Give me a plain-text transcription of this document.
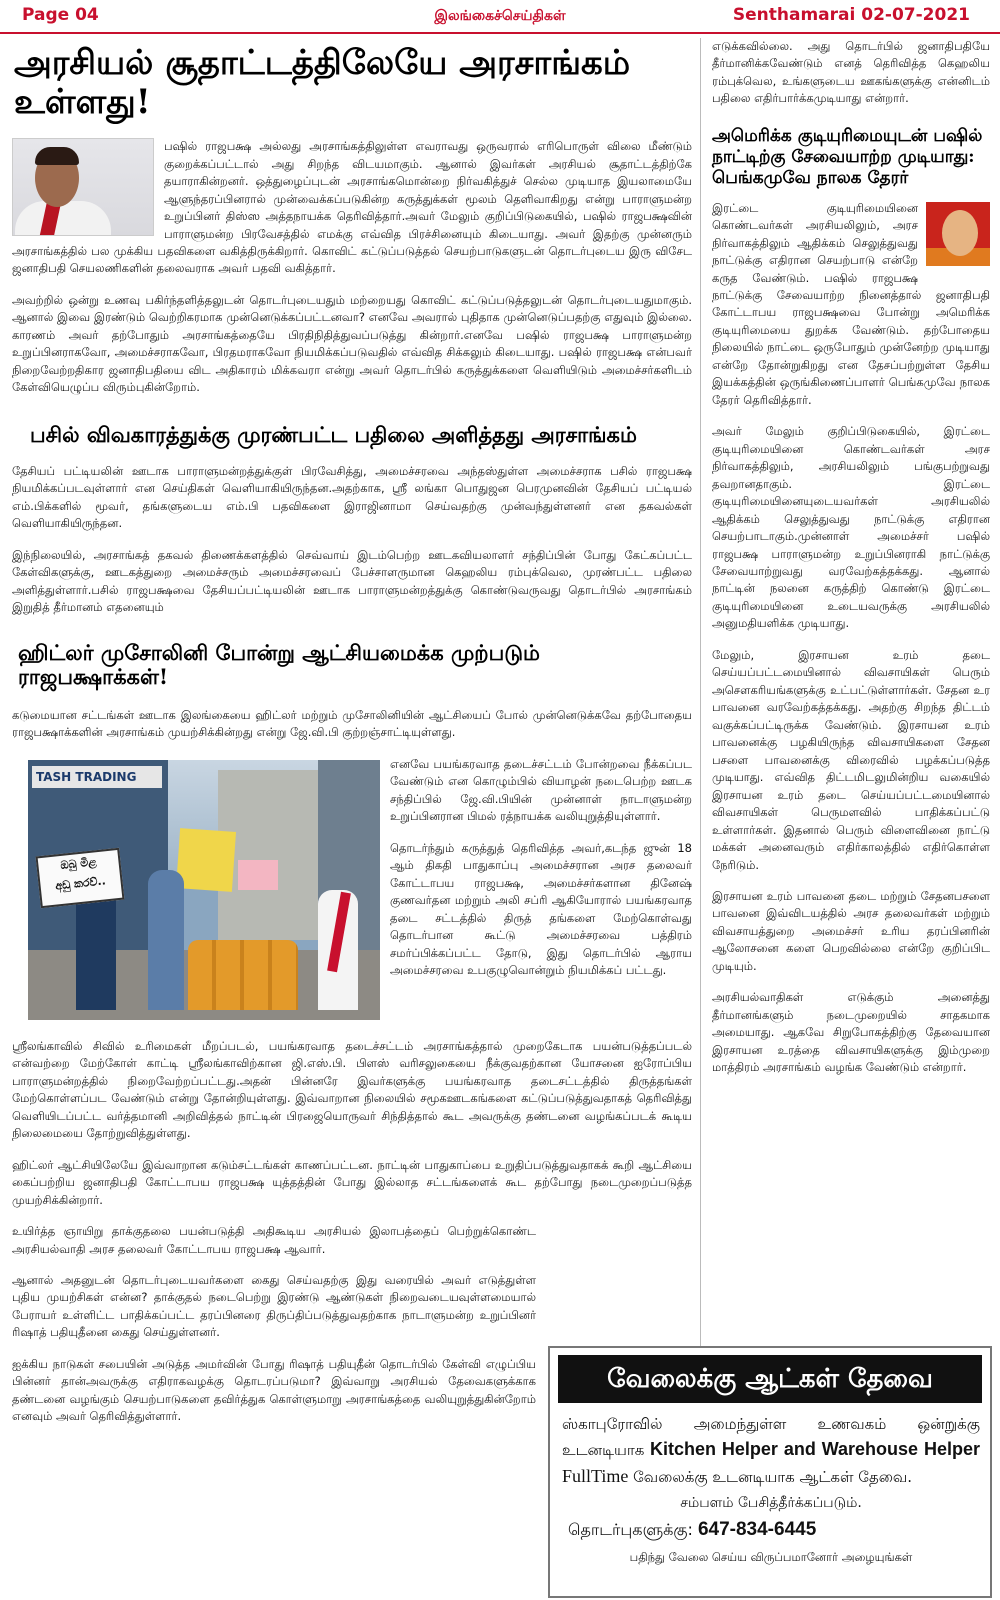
Page 04	இலங்கைச்செய்திகள்	Senthamarai 02-07-2021
அரசியல் சூதாட்டத்திலேயே அரசாங்கம் உள்ளது!

பஷில் ராஜபக்ஷ அல்லது அரசாங்கத்திலுள்ள எவராவது ஒருவரால் எரிபொருள் விலை மீண்டும் குறைக்கப்பட்டால் அது சிறந்த விடயமாகும். ஆனால் இவர்கள் அரசியல் சூதாட்டத்திற்கே தயாராகின்றனர். ஒத்துழைப்புடன் அரசாங்கமொன்றை நிர்வகித்துச் செல்ல முடியாத இயலாமையே ஆளுந்தரப்பினரால் முன்வைக்கப்படுகின்ற கருத்துக்கள் மூலம் தெளிவாகிறது என்று பாராளுமன்ற உறுப்பினர் திஸ்ஸ அத்தநாயக்க தெரிவித்தார்.அவர் மேலும் குறிப்பிடுகையில், பஷில் ராஜபக்ஷவின் பாராளுமன்ற பிரவேசத்தில் எமக்கு எவ்வித பிரச்சினையும் கிடையாது. அவர் இதற்கு முன்னரும் அரசாங்கத்தில் பல முக்கிய பதவிகளை வகித்திருக்கிறார். கொவிட் கட்டுப்படுத்தல் செயற்பாடுகளுடன் தொடர்புடைய இரு விசேட ஜனாதிபதி செயலணிகளின் தலைவராக அவர் பதவி வகித்தார்.

அவற்றில் ஒன்று உணவு பகிர்ந்தளித்தலுடன் தொடர்புடையதும் மற்றையது கொவிட் கட்டுப்படுத்தலுடன் தொடர்புடையதுமாகும். ஆனால் இவை இரண்டும் வெற்றிகரமாக முன்னெடுக்கப்பட்டனவா? எனவே அவரால் புதிதாக முன்னெடுப்பதற்கு எதுவும் இல்லை. காரணம் அவர் தற்போதும் அரசாங்கத்தையே பிரதிநிதித்துவப்படுத்து கின்றார்.எனவே பஷில் ராஜபக்ஷ பாராளுமன்ற உறுப்பினராகவோ, அமைச்சராகவோ, பிரதமராகவோ நியமிக்கப்படுவதில் எவ்வித சிக்கலும் கிடையாது. பஷில் ராஜபக்ஷ என்பவர் நிறைவேற்றதிகார ஜனாதிபதியை விட அதிகாரம் மிக்கவரா என்று அவர் தொடர்பில் கருத்துக்களை வெளியிடும் அமைச்சர்களிடம் கேள்வியெழுப்ப விரும்புகின்றோம்.

பசில் விவகாரத்துக்கு முரண்பட்ட பதிலை அளித்தது அரசாங்கம்

தேசியப் பட்டியலின் ஊடாக பாராளுமன்றத்துக்குள் பிரவேசித்து, அமைச்சரவை அந்தஸ்துள்ள அமைச்சராக பசில் ராஜபக்ஷ நியமிக்கப்படவுள்ளார் என செய்திகள் வெளியாகியிருந்தன.அதற்காக, ஸ்ரீ லங்கா பொதுஜன பெரமுனவின் தேசியப் பட்டியல் எம்.பிக்களில் மூவர், தங்களுடைய எம்.பி பதவிகளை இராஜினாமா செய்வதற்கு முன்வந்துள்ளனர் என தகவல்கள் வெளியாகியிருந்தன.

இந்நிலையில், அரசாங்கத் தகவல் திணைக்களத்தில் செவ்வாய் இடம்பெற்ற ஊடகவியலாளர் சந்திப்பின் போது கேட்கப்பட்ட கேள்விகளுக்கு, ஊடகத்துறை அமைச்சரும் அமைச்சரவைப் பேச்சாளருமான கெஹலிய ரம்புக்வெல, முரண்பட்ட பதிலை அளித்துள்ளார்.பசில் ராஜபக்ஷவை தேசியப்பட்டியலின் ஊடாக பாராளுமன்றத்துக்கு கொண்டுவருவது தொடர்பில் அரசாங்கம் இறுதித் தீர்மானம் எதனையும்

ஹிட்லர் முசோலினி போன்று ஆட்சியமைக்க முற்படும் ராஜபக்ஷாக்கள்!

கடுமையான சட்டங்கள் ஊடாக இலங்கையை ஹிட்லர் மற்றும் முசோலினியின் ஆட்சியைப் போல் முன்னெடுக்கவே தற்போதைய ராஜபக்ஷாக்களின் அரசாங்கம் முயற்சிக்கின்றது என்று ஜே.வி.பி குற்றஞ்சாட்டியுள்ளது.

TASH TRADING
ඔබු මිළ
අඩු කරව්..

எனவே பயங்கரவாத தடைச்சட்டம் போன்றவை நீக்கப்பட வேண்டும் என கொழும்பில் வியாழன் நடைபெற்ற ஊடக சந்திப்பில் ஜே.வி.பியின் முன்னாள் நாடாளுமன்ற உறுப்பினரான பிமல் ரத்நாயக்க வலியுறுத்தியுள்ளார்.

தொடர்ந்தும் கருத்துத் தெரிவித்த அவர்,கடந்த ஜுன் 18 ஆம் திகதி பாதுகாப்பு அமைச்சரான அரச தலைவர் கோட்டாபய ராஜபக்ஷ, அமைச்சர்களான தினேஷ் குணவர்தன மற்றும் அலி சப்ரி ஆகியோரால் பயங்கரவாத தடை சட்டத்தில் திருத் தங்களை மேற்கொள்வது தொடர்பான கூட்டு அமைச்சரவை பத்திரம் சமர்ப்பிக்கப்பட்ட தோடு, இது தொடர்பில் ஆராய அமைச்சரவை உபகுழுவொன்றும் நியமிக்கப் பட்டது.

ஸ்ரீலங்காவில் சிவில் உரிமைகள் மீறப்படல், பயங்கரவாத தடைச்சட்டம் அரசாங்கத்தால் முறைகேடாக பயன்படுத்தப்படல் என்வற்றை மேற்கோள் காட்டி ஸ்ரீலங்காவிற்கான ஜி.எஸ்.பி. பிளஸ் வரிசலுகையை நீக்குவதற்கான யோசனை ஐரோப்பிய பாராளுமன்றத்தில் நிறைவேற்றப்பட்டது.அதன் பின்னரே இவர்களுக்கு பயங்கரவாத தடைசட்டத்தில் திருத்தங்கள் மேற்கொள்ளப்பட வேண்டும் என்று தோன்றியுள்ளது. இவ்வாறான நிலையில் சமூகஊடகங்களை கட்டுப்படுத்துவதாகத் தெரிவித்து வெளியிடப்பட்ட வர்த்தமானி அறிவித்தல் நாட்டின் பிரஜையொருவர் சிந்தித்தால் கூட அவருக்கு தண்டனை வழங்கப்படக் கூடிய நிலைமையை தோற்றுவித்துள்ளது.

ஹிட்லர் ஆட்சியிலேயே இவ்வாறான கடும்சட்டங்கள் காணப்பட்டன. நாட்டின் பாதுகாப்பை உறுதிப்படுத்துவதாகக் கூறி ஆட்சியை கைப்பற்றிய ஜனாதிபதி கோட்டாபய ராஜபக்ஷ யுத்தத்தின் போது இல்லாத சட்டங்களைக் கூட தற்போது நடைமுறைப்படுத்த முயற்சிக்கின்றார்.

உயிர்த்த ஞாயிறு தாக்குதலை பயன்படுத்தி அதிகூடிய அரசியல் இலாபத்தைப் பெற்றுக்கொண்ட அரசியல்வாதி அரச தலைவர் கோட்டாபய ராஜபக்ஷ ஆவார்.

ஆனால் அதனுடன் தொடர்புடையவர்களை கைது செய்வதற்கு இது வரையில் அவர் எடுத்துள்ள புதிய முயற்சிகள் என்ன? தாக்குதல் நடைபெற்று இரண்டு ஆண்டுகள் நிறைவடையவுள்ளமையால் பேராயர் உள்ளிட்ட பாதிக்கப்பட்ட தரப்பினரை திருப்திப்படுத்துவதற்காக நாடாளுமன்ற உறுப்பினர் ரிஷாத் பதியுதீனை கைது செய்துள்ளனர்.

ஐக்கிய நாடுகள் சபையின் அடுத்த அமர்வின் போது ரிஷாத் பதியுதீன் தொடர்பில் கேள்வி எழுப்பிய பின்னர் தான்அவருக்கு எதிராகவழக்கு தொடரப்படுமா? இவ்வாறு அரசியல் தேவைகளுக்காக தண்டனை வழங்கும் செயற்பாடுகளை தவிர்த்துக கொள்ளுமாறு அரசாங்கத்தை வலியுறுத்துகின்றோம் எனவும் அவர் தெரிவித்துள்ளார்.

எடுக்கவில்லை. அது தொடர்பில் ஜனாதிபதியே தீர்மானிக்கவேண்டும் எனத் தெரிவித்த கெஹலிய ரம்புக்வெல, உங்களுடைய ஊகங்களுக்கு என்னிடம் பதிலை எதிர்பார்க்கமுடியாது என்றார்.

அமெரிக்க குடியுரிமையுடன் பஷில் நாட்டிற்கு சேவையாற்ற முடியாது: பெங்கமுவே நாலக தேரர்

இரட்டை குடியுரிமையினை கொண்டவர்கள் அரசியலிலும், அரச நிர்வாகத்திலும் ஆதிக்கம் செலுத்துவது நாட்டுக்கு எதிரான செயற்பாடு என்றே கருத வேண்டும். பஷில் ராஜபக்ஷ நாட்டுக்கு சேவையாற்ற நினைத்தால் ஜனாதிபதி கோட்டாபய ராஜபக்ஷவை போன்று அமெரிக்க குடியுரிமையை துறக்க வேண்டும். தற்போதைய நிலையில் நாட்டை ஒருபோதும் முன்னேற்ற முடியாது என்றே தோன்றுகிறது என தேசப்பற்றுள்ள தேசிய இயக்கத்தின் ஒருங்கிணைப்பாளர் பெங்கமுவே நாலக தேரர் தெரிவித்தார்.

அவர் மேலும் குறிப்பிடுகையில், இரட்டை குடியுரிமையினை கொண்டவர்கள் அரச நிர்வாகத்திலும், அரசியலிலும் பங்குபற்றுவது தவறானதாகும். இரட்டை குடியுரிமையினையுடையவர்கள் அரசியலில் ஆதிக்கம் செலுத்துவது நாட்டுக்கு எதிரான செயற்பாடாகும்.முன்னாள் அமைச்சர் பஷில் ராஜபக்ஷ பாராளுமன்ற உறுப்பினராகி நாட்டுக்கு சேவையாற்றுவது வரவேற்கத்தக்கது. ஆனால் நாட்டின் நலனை கருத்திற் கொண்டு இரட்டை குடியுரிமையினை உடையவருக்கு அரசியலில் அனுமதியளிக்க முடியாது.

மேலும், இரசாயன உரம் தடை செய்யப்பட்டமையினால் விவசாயிகள் பெரும் அசௌகரியங்களுக்கு உட்பட்டுள்ளார்கள். சேதன உர பாவனை வரவேற்கத்தக்கது. அதற்கு சிறந்த திட்டம் வகுக்கப்பட்டிருக்க வேண்டும். இரசாயன உரம் பாவனைக்கு பழகியிருந்த விவசாயிகளை சேதன பசளை பாவனைக்கு விரைவில் பழக்கப்படுத்த முடியாது. எவ்வித திட்டமிடலுமின்றிய வகையில் இரசாயன உரம் தடை செய்யப்பட்டமையினால் விவசாயிகள் பெருமளவில் பாதிக்கப்பட்டு உள்ளார்கள். இதனால் பெரும் விளைவினை நாட்டு மக்கள் அனைவரும் எதிர்காலத்தில் எதிர்கொள்ள நேரிடும்.

இரசாயன உரம் பாவனை தடை மற்றும் சேதனபசளை பாவனை இவ்விடயத்தில் அரச தலைவர்கள் மற்றும் விவசாயத்துறை அமைச்சர் உரிய தரப்பினரின் ஆலோசனை களை பெறவில்லை என்றே குறிப்பிட முடியும்.

அரசியல்வாதிகள் எடுக்கும் அனைத்து தீர்மானங்களும் நடைமுறையில் சாதகமாக அமையாது. ஆகவே சிறுபோகத்திற்கு தேவையான இரசாயன உரத்தை விவசாயிகளுக்கு இம்முறை மாத்திரம் அரசாங்கம் வழங்க வேண்டும் என்றார்.

வேலைக்கு ஆட்கள் தேவை
ஸ்காபுரோவில் அமைந்துள்ள உணவகம் ஒன்றுக்கு உடனடியாக Kitchen Helper and Warehouse Helper FullTime வேலைக்கு உடனடியாக ஆட்கள் தேவை.
சம்பளம் பேசித்தீர்க்கப்படும்.
தொடர்புகளுக்கு: 647-834-6445
பதிந்து வேலை செய்ய விருப்பமானோர் அழையுங்கள்
